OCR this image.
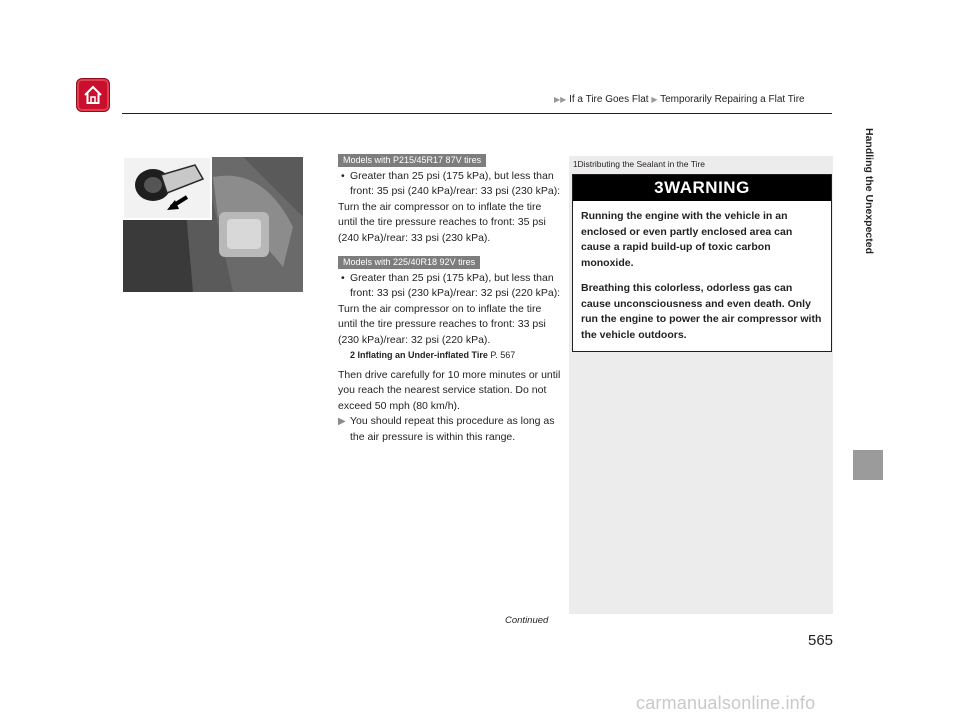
▶▶ If a Tire Goes Flat ▶ Temporarily Repairing a Flat Tire
Handling the Unexpected
Models with P215/45R17 87V tires
• Greater than 25 psi (175 kPa), but less than front: 35 psi (240 kPa)/rear: 33 psi (230 kPa):

Turn the air compressor on to inflate the tire until the tire pressure reaches to front: 35 psi (240 kPa)/rear: 33 psi (230 kPa).

Models with 225/40R18 92V tires
• Greater than 25 psi (175 kPa), but less than front: 33 psi (230 kPa)/rear: 32 psi (220 kPa):

Turn the air compressor on to inflate the tire until the tire pressure reaches to front: 33 psi (230 kPa)/rear: 32 psi (220 kPa).

2 Inflating an Under-inflated Tire P. 567

Then drive carefully for 10 more minutes or until you reach the nearest service station. Do not exceed 50 mph (80 km/h).

▶ You should repeat this procedure as long as the air pressure is within this range.
1Distributing the Sealant in the Tire
3WARNING

Running the engine with the vehicle in an enclosed or even partly enclosed area can cause a rapid build-up of toxic carbon monoxide.

Breathing this colorless, odorless gas can cause unconsciousness and even death. Only run the engine to power the air compressor with the vehicle outdoors.

Continued
565
carmanualsonline.info
